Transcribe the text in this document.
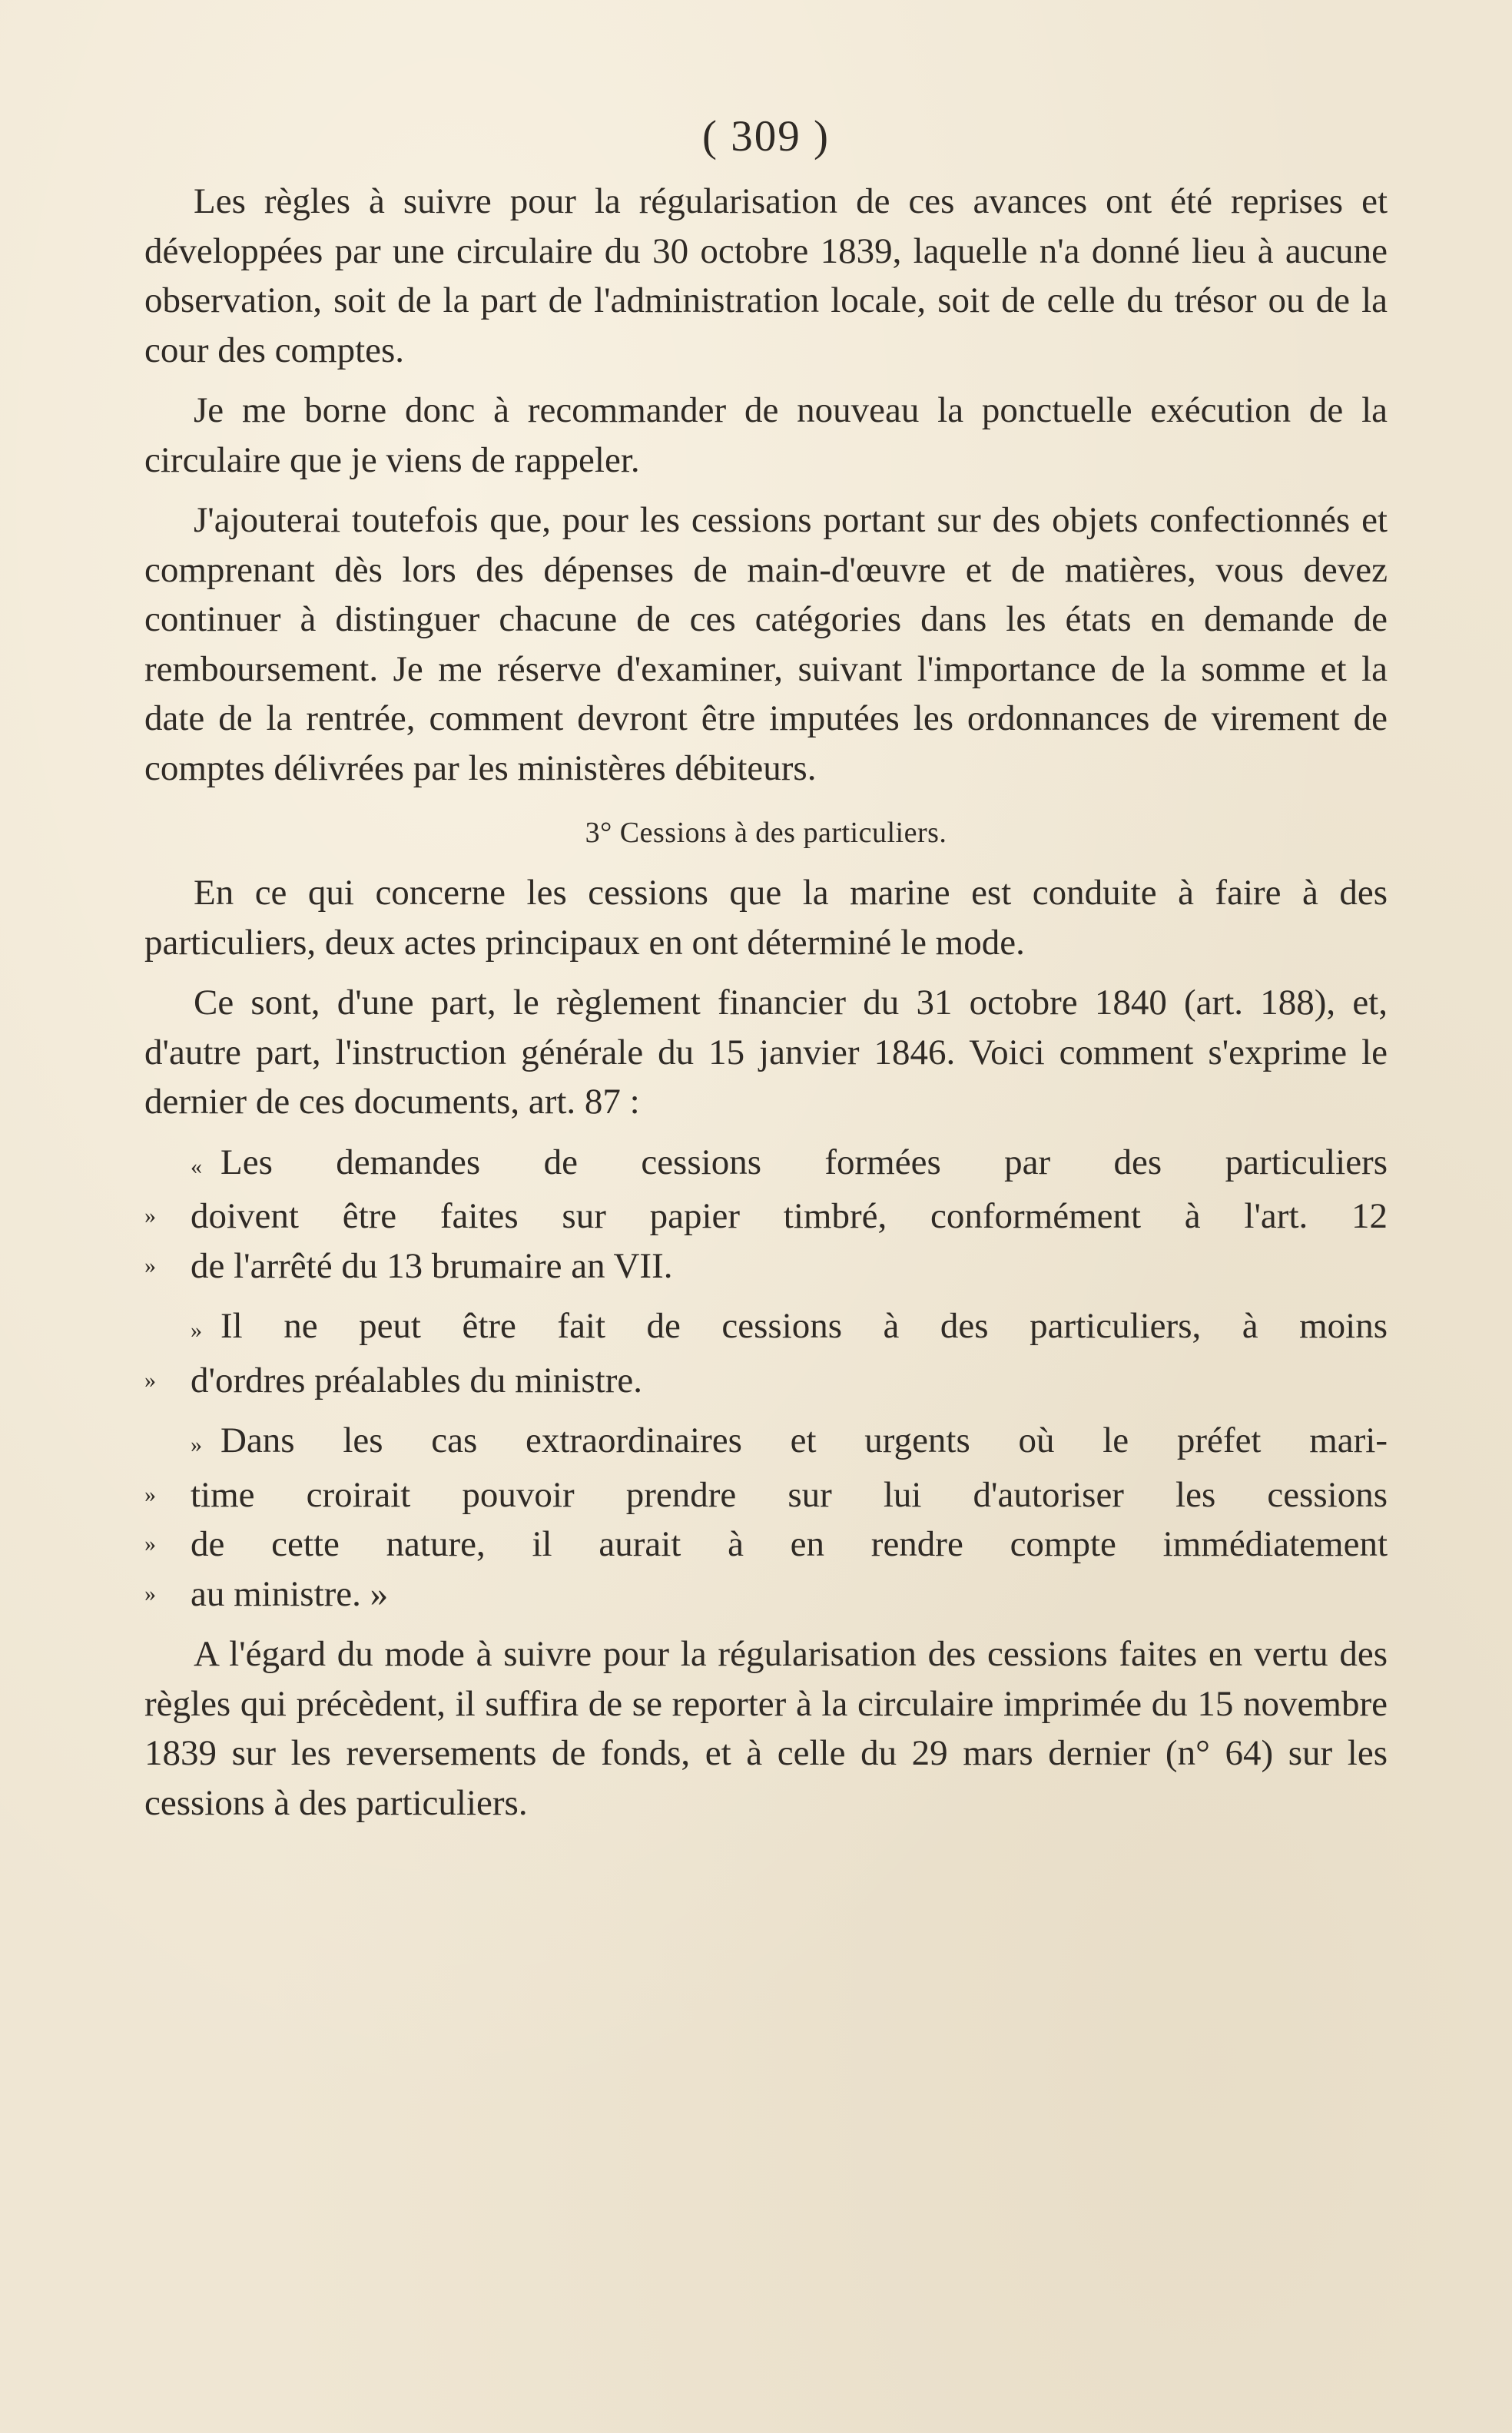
( 309 )

Les règles à suivre pour la régularisation de ces avances ont été reprises et développées par une circulaire du 30 octobre 1839, laquelle n'a donné lieu à aucune observation, soit de la part de l'administration locale, soit de celle du trésor ou de la cour des comptes.

Je me borne donc à recommander de nouveau la ponctuelle exécution de la circulaire que je viens de rappeler.

J'ajouterai toutefois que, pour les cessions portant sur des objets confectionnés et comprenant dès lors des dépenses de main-d'œuvre et de matières, vous devez continuer à distinguer chacune de ces catégories dans les états en demande de remboursement. Je me réserve d'examiner, suivant l'importance de la somme et la date de la rentrée, comment devront être imputées les ordonnances de virement de comptes délivrées par les ministères débiteurs.

3° Cessions à des particuliers.

En ce qui concerne les cessions que la marine est conduite à faire à des particuliers, deux actes principaux en ont déterminé le mode.

Ce sont, d'une part, le règlement financier du 31 octobre 1840 (art. 188), et, d'autre part, l'instruction générale du 15 janvier 1846. Voici comment s'exprime le dernier de ces documents, art. 87 :

« Les demandes de cessions formées par des particuliers

» doivent être faites sur papier timbré, conformément à l'art. 12

» de l'arrêté du 13 brumaire an VII.

» Il ne peut être fait de cessions à des particuliers, à moins

» d'ordres préalables du ministre.

» Dans les cas extraordinaires et urgents où le préfet mari-

» time croirait pouvoir prendre sur lui d'autoriser les cessions

» de cette nature, il aurait à en rendre compte immédiatement

» au ministre. »

A l'égard du mode à suivre pour la régularisation des cessions faites en vertu des règles qui précèdent, il suffira de se reporter à la circulaire imprimée du 15 novembre 1839 sur les reversements de fonds, et à celle du 29 mars dernier (n° 64) sur les cessions à des particuliers.
